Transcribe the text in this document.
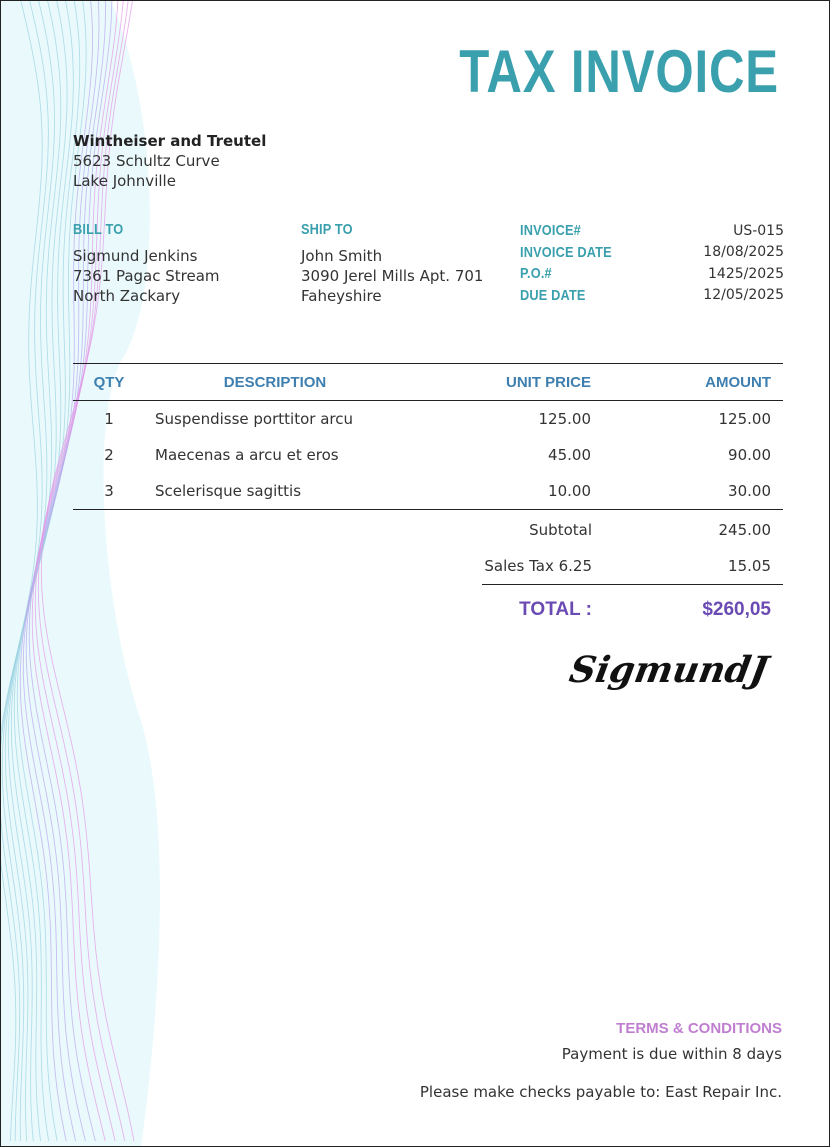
TAX INVOICE
Wintheiser and Treutel
5623 Schultz Curve
Lake Johnville
BILL TO
Sigmund Jenkins
7361 Pagac Stream
North Zackary
SHIP TO
John Smith
3090 Jerel Mills Apt. 701
Faheyshire
INVOICE#	US-015
INVOICE DATE	18/08/2025
P.O.#	1425/2025
DUE DATE	12/05/2025
QTY	DESCRIPTION	UNIT PRICE	AMOUNT
1	Suspendisse porttitor arcu	125.00	125.00
2	Maecenas a arcu et eros	45.00	90.00
3	Scelerisque sagittis	10.00	30.00
Subtotal	245.00
Sales Tax 6.25	15.05
TOTAL :	$260,05
SigmundJ
TERMS & CONDITIONS
Payment is due within 8 days
Please make checks payable to: East Repair Inc.
